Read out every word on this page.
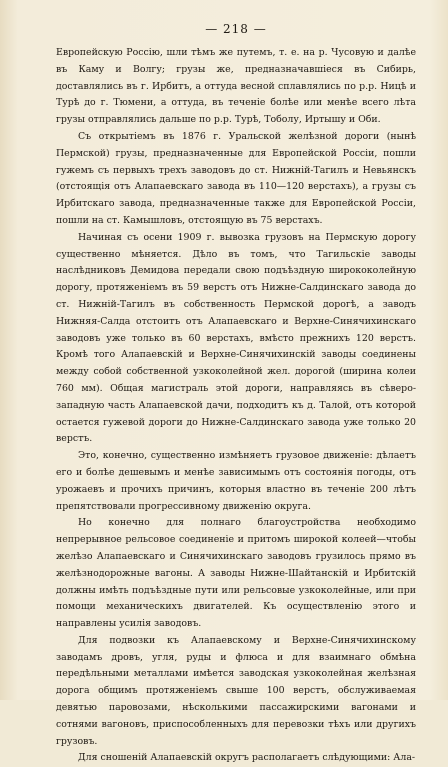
— 218 —

Европейскую Россію, шли тѣмъ же путемъ, т. е. на р. Чусовую и далѣе въ Каму и Волгу; грузы же, предназначавшіеся въ Сибирь, доставлялись въ г. Ирбитъ, а оттуда весной сплавлялись по р.р. Ницѣ и Турѣ до г. Тюмени, а оттуда, въ теченіе болѣе или менѣе всего лѣта грузы отправлялись дальше по р.р. Турѣ, Тоболу, Иртышу и Оби.

Съ открытіемъ въ 1876 г. Уральской желѣзной дороги (нынѣ Пермской) грузы, предназначенные для Европейской Россіи, пошли гужемъ съ первыхъ трехъ заводовъ до ст. Нижній-Тагилъ и Невьянскъ (отстоящія отъ Алапаевскаго завода въ 110—120 верстахъ), а грузы съ Ирбитскаго завода, предназначенные также для Европейской Россіи, пошли на ст. Камышловъ, отстоящую въ 75 верстахъ.

Начиная съ осени 1909 г. вывозка грузовъ на Пермскую дорогу существенно мѣняется. Дѣло въ томъ, что Тагильскіе заводы наслѣдниковъ Демидова передали свою подъѣздную ширококолейную дорогу, протяженіемъ въ 59 верстъ отъ Нижне-Салдинскаго завода до ст. Нижній-Тагилъ въ собственность Пермской дорогѣ, а заводъ Нижняя-Салда отстоитъ отъ Алапаевскаго и Верхне-Синячихинскаго заводовъ уже только въ 60 верстахъ, вмѣсто прежнихъ 120 верстъ. Кромѣ того Алапаевскій и Верхне-Синячихинскій заводы соединены между собой собственной узкоколейной жел. дорогой (ширина колеи 760 мм). Общая магистраль этой дороги, направляясь въ сѣверо-западную часть Алапаевской дачи, подходитъ къ д. Талой, отъ которой остается гужевой дороги до Нижне-Салдинскаго завода уже только 20 верстъ.

Это, конечно, существенно измѣняетъ грузовое движеніе: дѣлаетъ его и болѣе дешевымъ и менѣе зависимымъ отъ состоянія погоды, отъ урожаевъ и прочихъ причинъ, которыя властно въ теченіе 200 лѣтъ препятствовали прогрессивному движенію округа.

Но конечно для полнаго благоустройства необходимо непрерывное рельсовое соединеніе и притомъ широкой колеей—чтобы желѣзо Алапаевскаго и Синячихинскаго заводовъ грузилось прямо въ желѣзнодорожные вагоны. А заводы Нижне-Шайтанскій и Ирбитскій должны имѣть подъѣздные пути или рельсовые узкоколейные, или при помощи механическихъ двигателей. Къ осуществленію этого и направлены усилія заводовъ.

Для подвозки къ Алапаевскому и Верхне-Синячихинскому заводамъ дровъ, угля, руды и флюса и для взаимнаго обмѣна передѣльными металлами имѣется заводская узкоколейная желѣзная дорога общимъ протяженіемъ свыше 100 верстъ, обслуживаемая девятью паровозами, нѣсколькими пассажирскими вагонами и сотнями вагоновъ, приспособленныхъ для перевозки тѣхъ или другихъ грузовъ.

Для сношеній Алапаевскій округъ располагаетъ слѣдующими: Ала-
